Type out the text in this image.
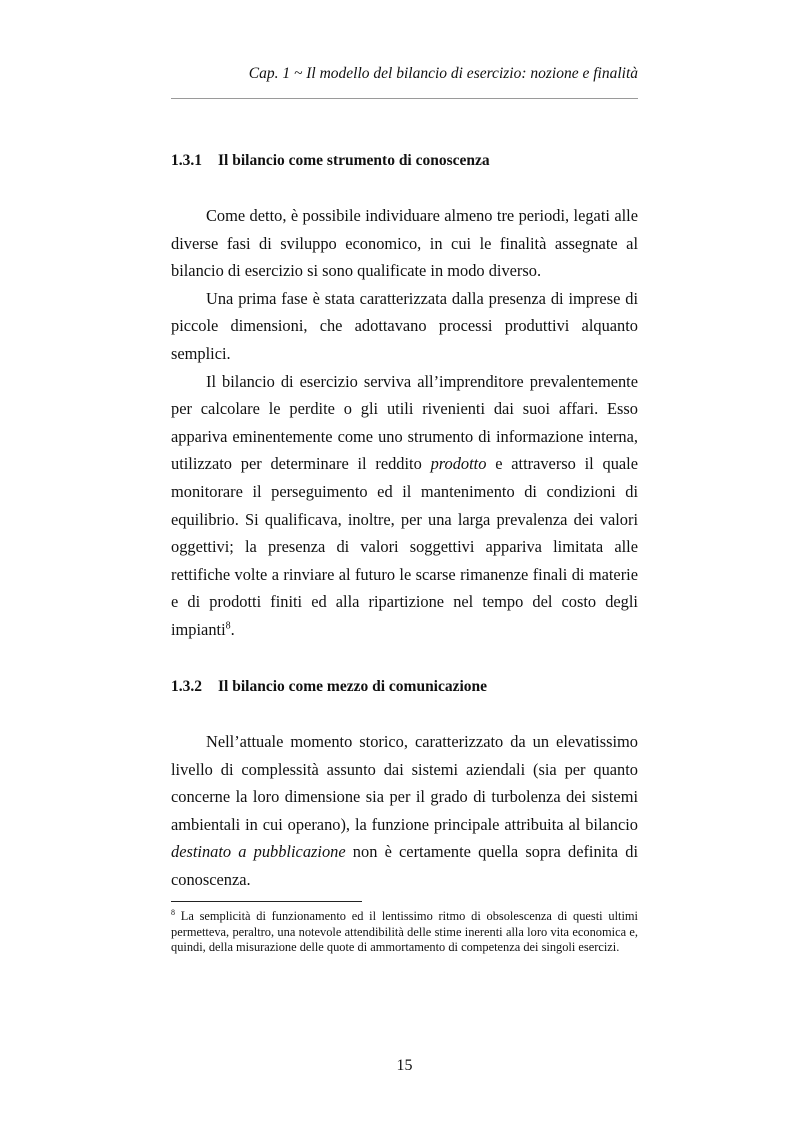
Cap. 1 ~ Il modello del bilancio di esercizio: nozione e finalità
1.3.1 Il bilancio come strumento di conoscenza

Come detto, è possibile individuare almeno tre periodi, legati alle diverse fasi di sviluppo economico, in cui le finalità assegnate al bilancio di esercizio si sono qualificate in modo diverso.

Una prima fase è stata caratterizzata dalla presenza di imprese di piccole dimensioni, che adottavano processi produttivi alquanto semplici.

Il bilancio di esercizio serviva all’imprenditore prevalentemente per calcolare le perdite o gli utili rivenienti dai suoi affari. Esso appariva eminentemente come uno strumento di informazione interna, utilizzato per determinare il reddito prodotto e attraverso il quale monitorare il perseguimento ed il mantenimento di condizioni di equilibrio. Si qualificava, inoltre, per una larga prevalenza dei valori oggettivi; la presenza di valori soggettivi appariva limitata alle rettifiche volte a rinviare al futuro le scarse rimanenze finali di materie e di prodotti finiti ed alla ripartizione nel tempo del costo degli impianti$^8$.

1.3.2 Il bilancio come mezzo di comunicazione

Nell’attuale momento storico, caratterizzato da un elevatissimo livello di complessità assunto dai sistemi aziendali (sia per quanto concerne la loro dimensione sia per il grado di turbolenza dei sistemi ambientali in cui operano), la funzione principale attribuita al bilancio destinato a pubblicazione non è certamente quella sopra definita di conoscenza.

$^8$ La semplicità di funzionamento ed il lentissimo ritmo di obsolescenza di questi ultimi permetteva, peraltro, una notevole attendibilità delle stime inerenti alla loro vita economica e, quindi, della misurazione delle quote di ammortamento di competenza dei singoli esercizi.

15
